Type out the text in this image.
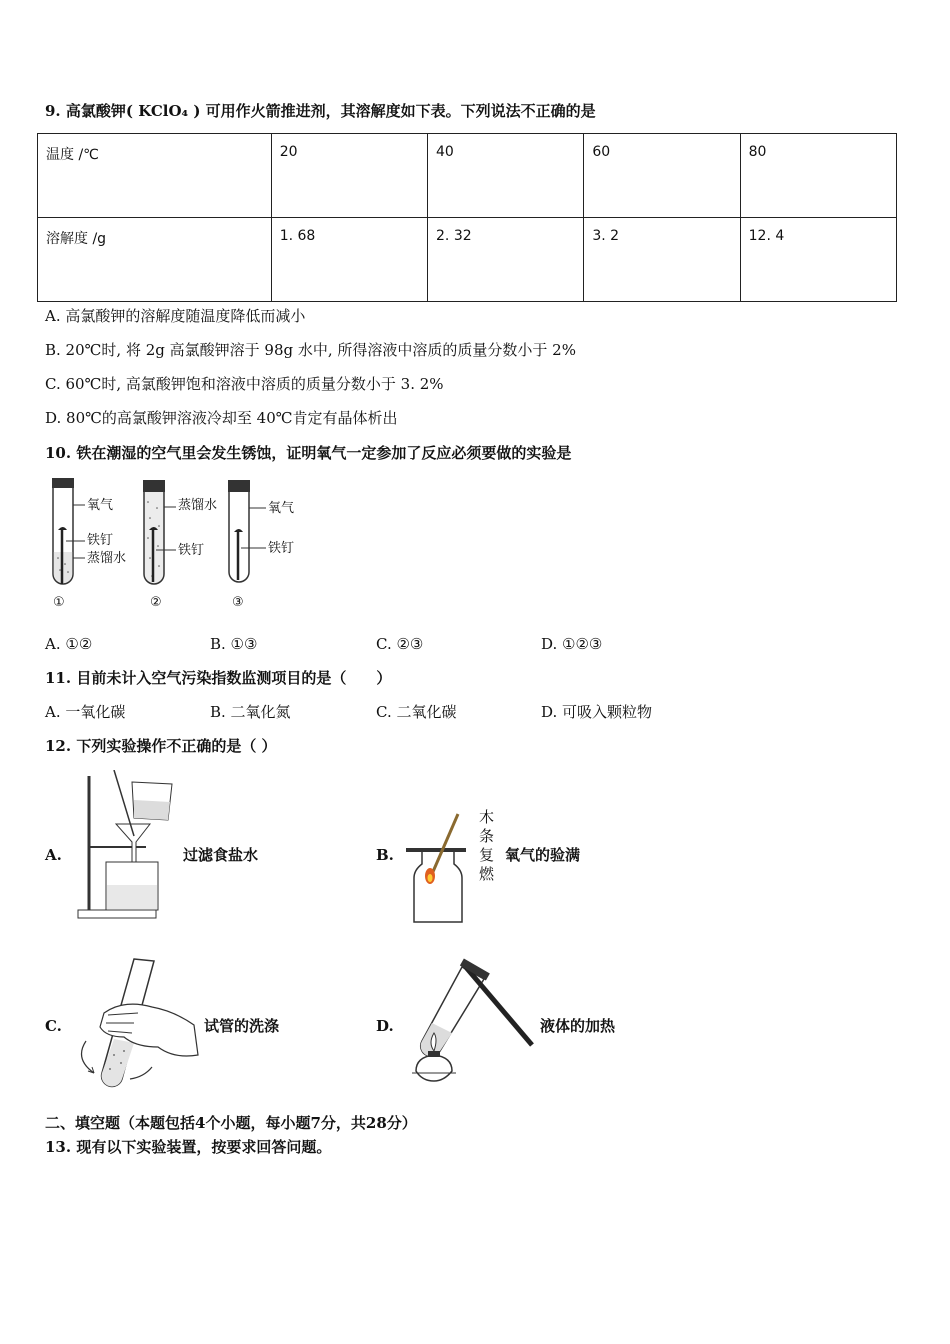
9. 高氯酸钾( KClO₄ ) 可用作火箭推进剂，其溶解度如下表。下列说法不正确的是
温度 /℃	20	40	60	80
溶解度 /g	1. 68	2. 32	3. 2	12. 4
A. 高氯酸钾的溶解度随温度降低而减小
B. 20℃时, 将 2g 高氯酸钾溶于 98g 水中, 所得溶液中溶质的质量分数小于 2%
C. 60℃时, 高氯酸钾饱和溶液中溶质的质量分数小于 3. 2%
D. 80℃的高氯酸钾溶液冷却至 40℃肯定有晶体析出
10. 铁在潮湿的空气里会发生锈蚀，证明氧气一定参加了反应必须要做的实验是
氧气
铁钉
蒸馏水
蒸馏水
铁钉
氧气
铁钉
①	②	③
A. ①②	B. ①③	C. ②③	D. ①②③
11. 目前未计入空气污染指数监测项目的是（　　）
A. 一氧化碳	B. 二氧化氮	C. 二氧化碳	D. 可吸入颗粒物
12. 下列实验操作不正确的是（ ）
A.	过滤食盐水	B.
木
条
复
燃
氧气的验满
C.	试管的洗涤	D.	液体的加热
二、填空题（本题包括4个小题，每小题7分，共28分）
13. 现有以下实验装置，按要求回答问题。
